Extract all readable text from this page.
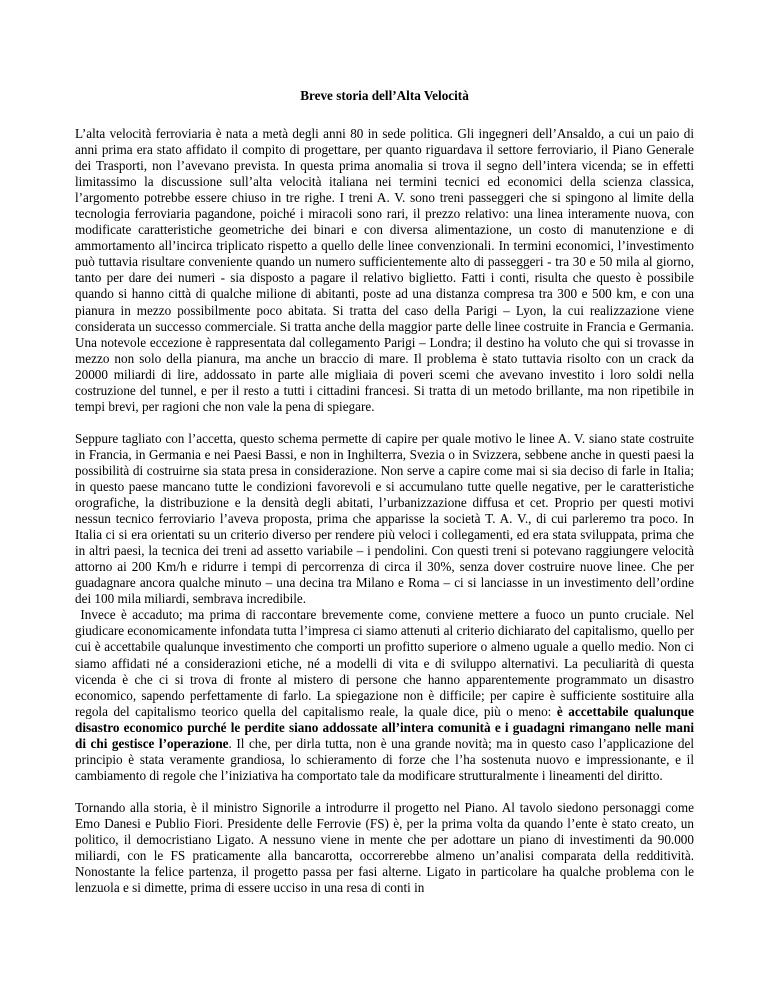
Breve storia dell’Alta Velocità

L’alta velocità ferroviaria è nata a metà degli anni 80 in sede politica. Gli ingegneri dell’Ansaldo, a cui un paio di anni prima era stato affidato il compito di progettare, per quanto riguardava il settore ferroviario, il Piano Generale dei Trasporti, non l’avevano prevista. In questa prima anomalia si trova il segno dell’intera vicenda; se in effetti limitassimo la discussione sull’alta velocità italiana nei termini tecnici ed economici della scienza classica, l’argomento potrebbe essere chiuso in tre righe. I treni A. V. sono treni passeggeri che si spingono al limite della tecnologia ferroviaria pagandone, poiché i miracoli sono rari, il prezzo relativo: una linea interamente nuova, con modificate caratteristiche geometriche dei binari e con diversa alimentazione, un costo di manutenzione e di ammortamento all’incirca triplicato rispetto a quello delle linee convenzionali. In termini economici, l’investimento può tuttavia risultare conveniente quando un numero sufficientemente alto di passeggeri - tra 30 e 50 mila al giorno, tanto per dare dei numeri - sia disposto a pagare il relativo biglietto. Fatti i conti, risulta che questo è possibile quando si hanno città di qualche milione di abitanti, poste ad una distanza compresa tra 300 e 500 km, e con una pianura in mezzo possibilmente poco abitata. Si tratta del caso della Parigi – Lyon, la cui realizzazione viene considerata un successo commerciale. Si tratta anche della maggior parte delle linee costruite in Francia e Germania. Una notevole eccezione è rappresentata dal collegamento Parigi – Londra; il destino ha voluto che qui si trovasse in mezzo non solo della pianura, ma anche un braccio di mare. Il problema è stato tuttavia risolto con un crack da 20000 miliardi di lire, addossato in parte alle migliaia di poveri scemi che avevano investito i loro soldi nella costruzione del tunnel, e per il resto a tutti i cittadini francesi. Si tratta di un metodo brillante, ma non ripetibile in tempi brevi, per ragioni che non vale la pena di spiegare.

Seppure tagliato con l’accetta, questo schema permette di capire per quale motivo le linee A. V. siano state costruite in Francia, in Germania e nei Paesi Bassi, e non in Inghilterra, Svezia o in Svizzera, sebbene anche in questi paesi la possibilità di costruirne sia stata presa in considerazione. Non serve a capire come mai si sia deciso di farle in Italia; in questo paese mancano tutte le condizioni favorevoli e si accumulano tutte quelle negative, per le caratteristiche orografiche, la distribuzione e la densità degli abitati, l’urbanizzazione diffusa et cet. Proprio per questi motivi nessun tecnico ferroviario l’aveva proposta, prima che apparisse la società T. A. V., di cui parleremo tra poco. In Italia ci si era orientati su un criterio diverso per rendere più veloci i collegamenti, ed era stata sviluppata, prima che in altri paesi, la tecnica dei treni ad assetto variabile – i pendolini. Con questi treni si potevano raggiungere velocità attorno ai 200 Km/h e ridurre i tempi di percorrenza di circa il 30%, senza dover costruire nuove linee. Che per guadagnare ancora qualche minuto – una decina tra Milano e Roma – ci si lanciasse in un investimento dell’ordine dei 100 mila miliardi, sembrava incredibile.

Invece è accaduto; ma prima di raccontare brevemente come, conviene mettere a fuoco un punto cruciale. Nel giudicare economicamente infondata tutta l’impresa ci siamo attenuti al criterio dichiarato del capitalismo, quello per cui è accettabile qualunque investimento che comporti un profitto superiore o almeno uguale a quello medio. Non ci siamo affidati né a considerazioni etiche, né a modelli di vita e di sviluppo alternativi. La peculiarità di questa vicenda è che ci si trova di fronte al mistero di persone che hanno apparentemente programmato un disastro economico, sapendo perfettamente di farlo. La spiegazione non è difficile; per capire è sufficiente sostituire alla regola del capitalismo teorico quella del capitalismo reale, la quale dice, più o meno: è accettabile qualunque disastro economico purché le perdite siano addossate all’intera comunità e i guadagni rimangano nelle mani di chi gestisce l’operazione. Il che, per dirla tutta, non è una grande novità; ma in questo caso l’applicazione del principio è stata veramente grandiosa, lo schieramento di forze che l’ha sostenuta nuovo e impressionante, e il cambiamento di regole che l’iniziativa ha comportato tale da modificare strutturalmente i lineamenti del diritto.

Tornando alla storia, è il ministro Signorile a introdurre il progetto nel Piano. Al tavolo siedono personaggi come Emo Danesi e Publio Fiori. Presidente delle Ferrovie (FS) è, per la prima volta da quando l’ente è stato creato, un politico, il democristiano Ligato. A nessuno viene in mente che per adottare un piano di investimenti da 90.000 miliardi, con le FS praticamente alla bancarotta, occorrerebbe almeno un’analisi comparata della redditività. Nonostante la felice partenza, il progetto passa per fasi alterne. Ligato in particolare ha qualche problema con le lenzuola e si dimette, prima di essere ucciso in una resa di conti in
